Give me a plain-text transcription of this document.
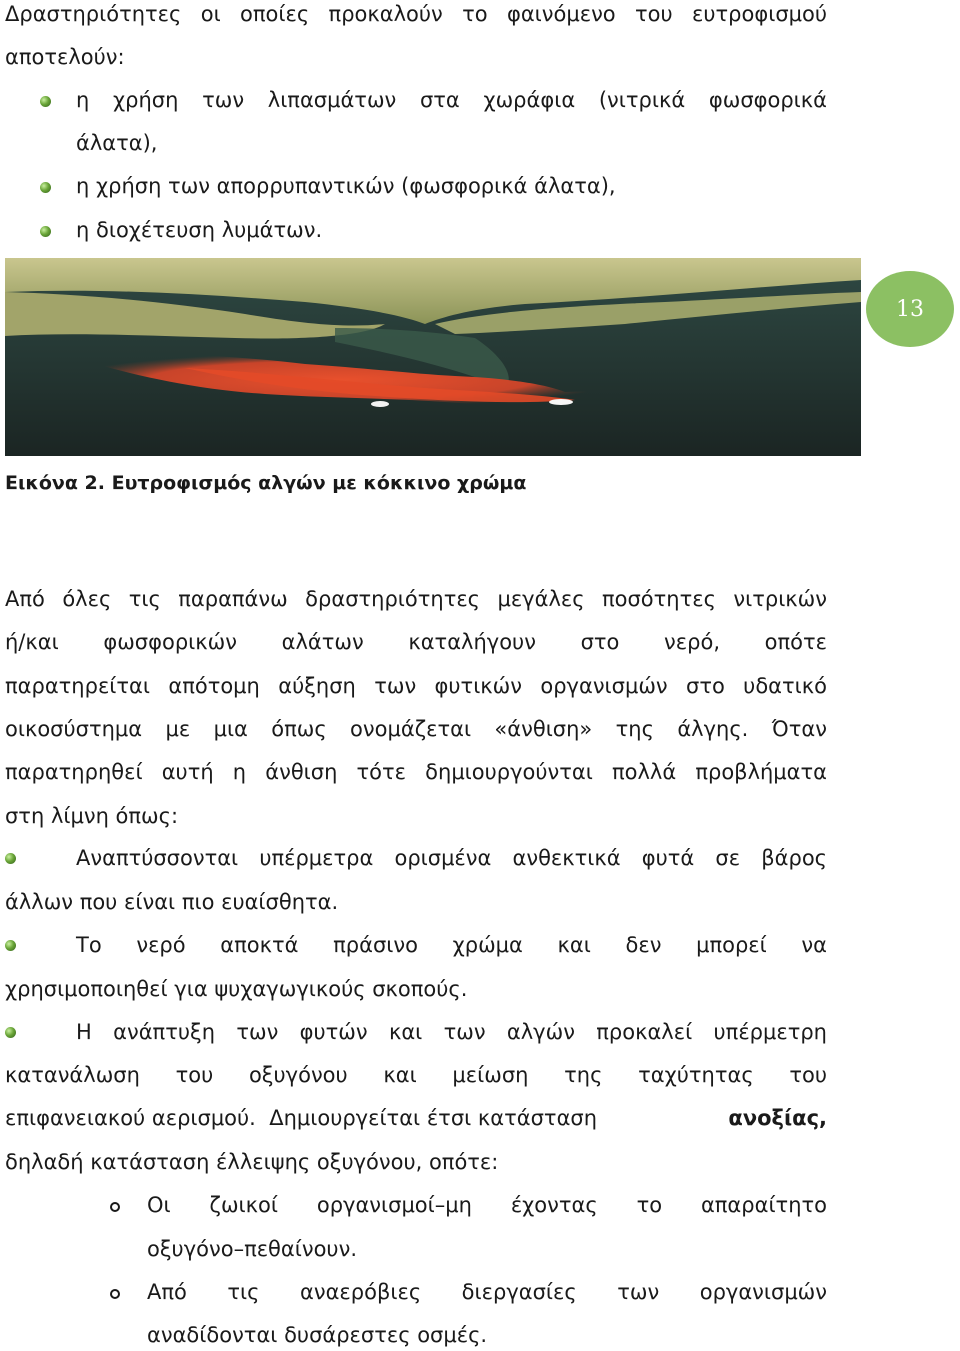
Δραστηριότητες οι οποίες προκαλούν το φαινόμενο του ευτροφισμού
αποτελούν:
η χρήση των λιπασμάτων στα χωράφια (νιτρικά φωσφορικά
άλατα),
η χρήση των απορρυπαντικών (φωσφορικά άλατα),
η διοχέτευση λυμάτων.
13
Εικόνα 2. Ευτροφισμός αλγών με κόκκινο χρώμα
Από όλες τις παραπάνω δραστηριότητες μεγάλες ποσότητες νιτρικών
ή/και φωσφορικών αλάτων καταλήγουν στο νερό, οπότε
παρατηρείται απότομη αύξηση των φυτικών οργανισμών στο υδατικό
οικοσύστημα με μια όπως ονομάζεται «άνθιση» της άλγης. Όταν
παρατηρηθεί αυτή η άνθιση τότε δημιουργούνται πολλά προβλήματα
στη λίμνη όπως:
Αναπτύσσονται υπέρμετρα ορισμένα ανθεκτικά φυτά σε βάρος
άλλων που είναι πιο ευαίσθητα.
Το νερό αποκτά πράσινο χρώμα και δεν μπορεί να
χρησιμοποιηθεί για ψυχαγωγικούς σκοπούς.
Η ανάπτυξη των φυτών και των αλγών προκαλεί υπέρμετρη
κατανάλωση του οξυγόνου και μείωση της ταχύτητας του
επιφανειακού αερισμού.  Δημιουργείται έτσι κατάσταση	ανοξίας,
δηλαδή κατάσταση έλλειψης οξυγόνου, οπότε:
Οι ζωικοί οργανισμοί–μη έχοντας το απαραίτητο
οξυγόνο–πεθαίνουν.
Από τις αναερόβιες διεργασίες των οργανισμών
αναδίδονται δυσάρεστες οσμές.
